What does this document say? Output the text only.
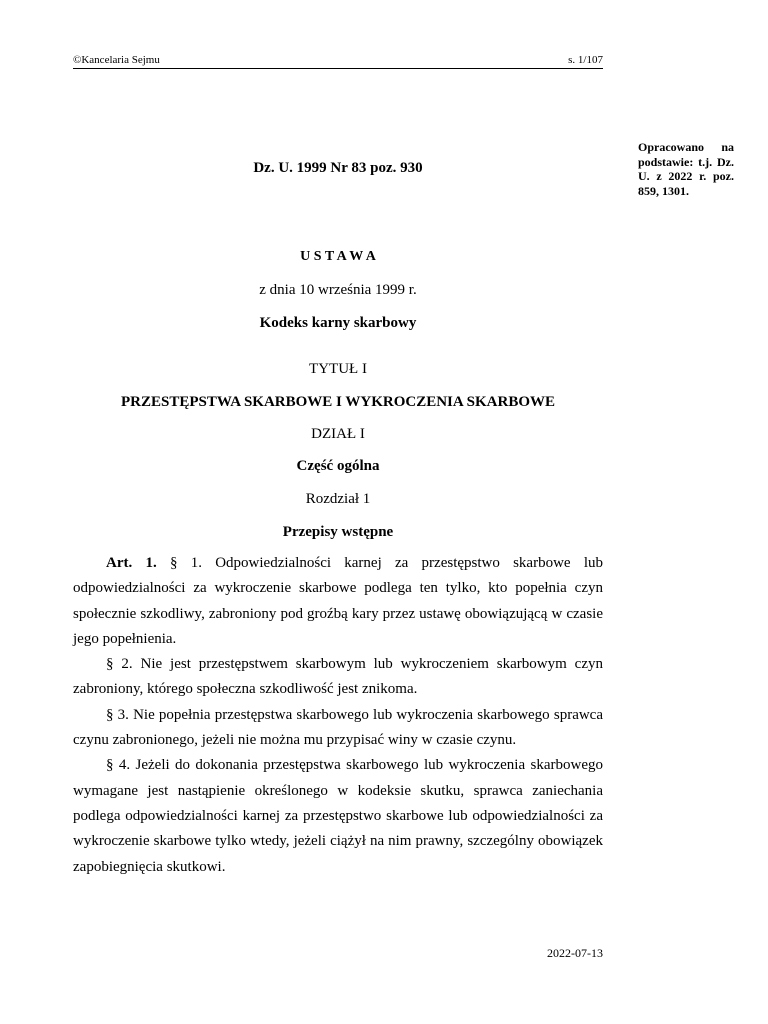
©Kancelaria Sejmu	s. 1/107
Opracowano na podstawie: t.j. Dz. U. z 2022 r. poz. 859, 1301.
Dz. U. 1999 Nr 83 poz. 930
U S T A W A
z dnia 10 września 1999 r.
Kodeks karny skarbowy
TYTUŁ I
PRZESTĘPSTWA SKARBOWE I WYKROCZENIA SKARBOWE
DZIAŁ I
Część ogólna
Rozdział 1
Przepisy wstępne

Art. 1. § 1. Odpowiedzialności karnej za przestępstwo skarbowe lub odpowiedzialności za wykroczenie skarbowe podlega ten tylko, kto popełnia czyn społecznie szkodliwy, zabroniony pod groźbą kary przez ustawę obowiązującą w czasie jego popełnienia.

§ 2. Nie jest przestępstwem skarbowym lub wykroczeniem skarbowym czyn zabroniony, którego społeczna szkodliwość jest znikoma.

§ 3. Nie popełnia przestępstwa skarbowego lub wykroczenia skarbowego sprawca czynu zabronionego, jeżeli nie można mu przypisać winy w czasie czynu.

§ 4. Jeżeli do dokonania przestępstwa skarbowego lub wykroczenia skarbowego wymagane jest nastąpienie określonego w kodeksie skutku, sprawca zaniechania podlega odpowiedzialności karnej za przestępstwo skarbowe lub odpowiedzialności za wykroczenie skarbowe tylko wtedy, jeżeli ciążył na nim prawny, szczególny obowiązek zapobiegnięcia skutkowi.

2022-07-13
